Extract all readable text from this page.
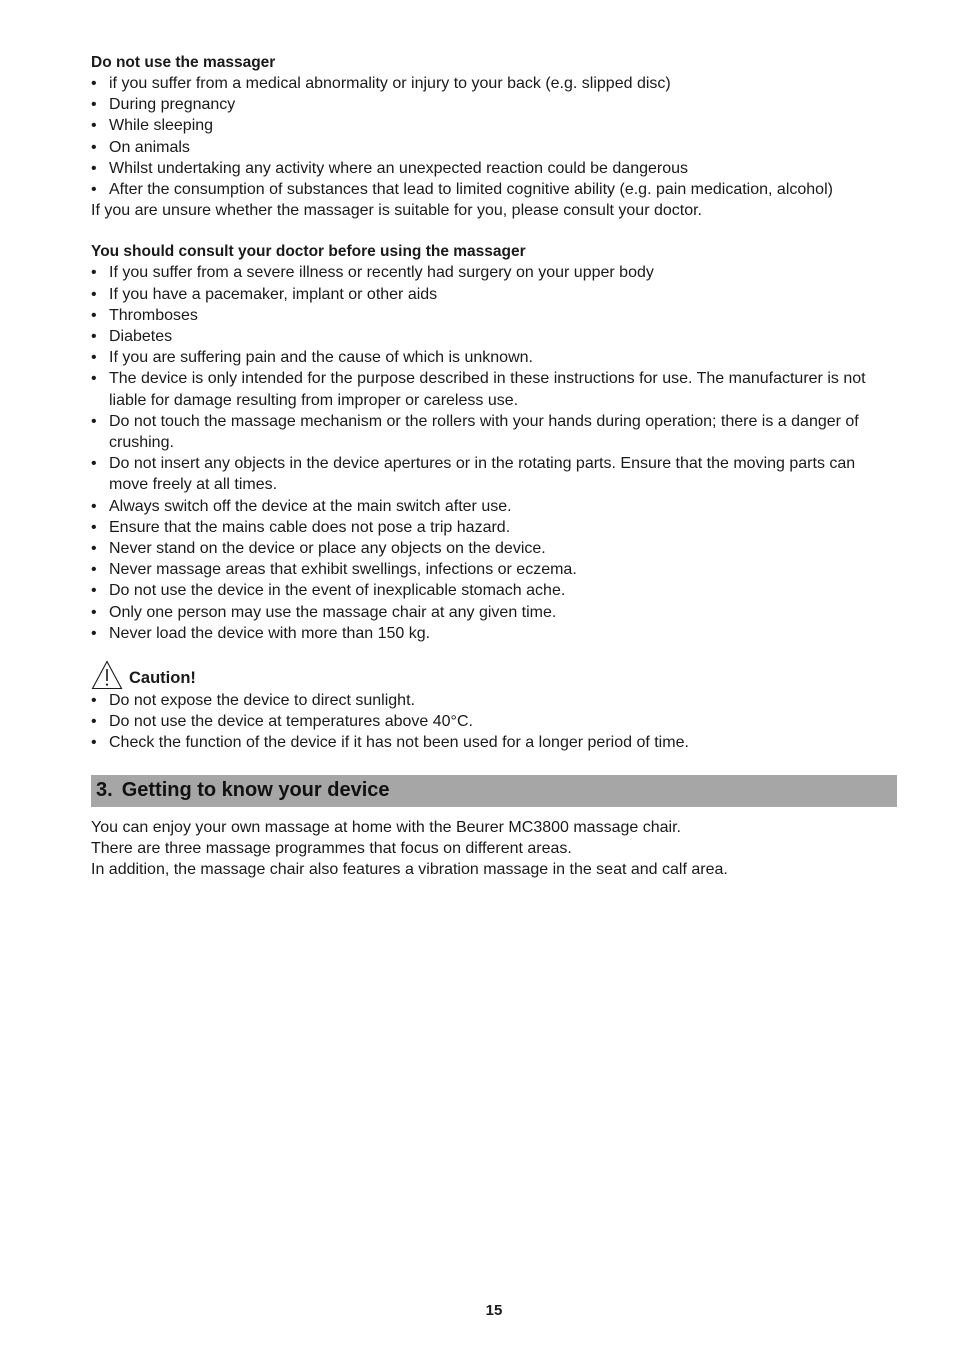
Do not use the massager

• if you suffer from a medical abnormality or injury to your back (e.g. slipped disc)
• During pregnancy
• While sleeping
• On animals
• Whilst undertaking any activity where an unexpected reaction could be dangerous
• After the consumption of substances that lead to limited cognitive ability (e.g. pain medication, alcohol)

If you are unsure whether the massager is suitable for you, please consult your doctor.

You should consult your doctor before using the massager

• If you suffer from a severe illness or recently had surgery on your upper body
• If you have a pacemaker, implant or other aids
• Thromboses
• Diabetes
• If you are suffering pain and the cause of which is unknown.
• The device is only intended for the purpose described in these instructions for use. The manufacturer is not liable for damage resulting from improper or careless use.
• Do not touch the massage mechanism or the rollers with your hands during operation; there is a danger of crushing.
• Do not insert any objects in the device apertures or in the rotating parts. Ensure that the moving parts can move freely at all times.
• Always switch off the device at the main switch after use.
• Ensure that the mains cable does not pose a trip hazard.
• Never stand on the device or place any objects on the device.
• Never massage areas that exhibit swellings, infections or eczema.
• Do not use the device in the event of inexplicable stomach ache.
• Only one person may use the massage chair at any given time.
• Never load the device with more than 150 kg.
Caution!
• Do not expose the device to direct sunlight.
• Do not use the device at temperatures above 40°C.
• Check the function of the device if it has not been used for a longer period of time.
3. Getting to know your device

You can enjoy your own massage at home with the Beurer MC3800 massage chair.

There are three massage programmes that focus on different areas.

In addition, the massage chair also features a vibration massage in the seat and calf area.

15
